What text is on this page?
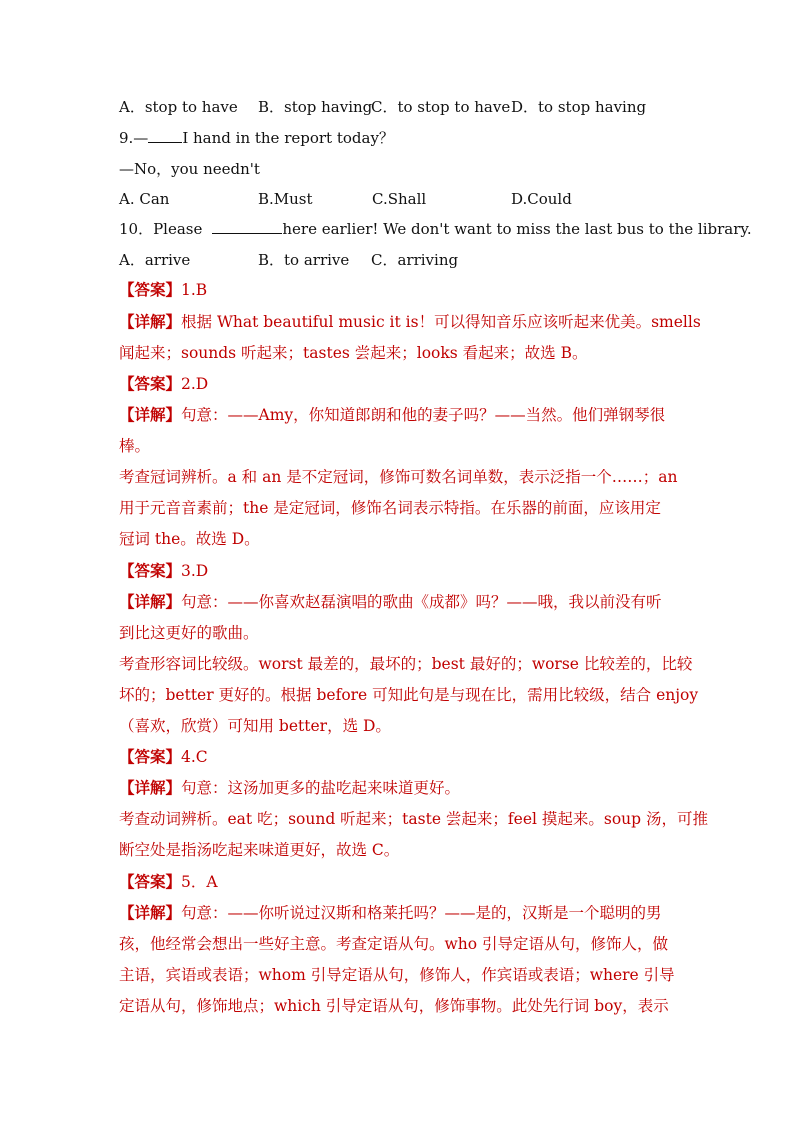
A．stop to have B．stop having
C．to stop to have D．to stop having
9.— I hand in the report today？
—No，you needn't
A. Can	B.Must	C.Shall	D.Could
10．Please	here earlier! We don't want to miss the last bus to the library.
A．arrive	B．to arrive C．arriving
【答案】1.B
【详解】根据 What beautiful music it is！可以得知音乐应该听起来优美。smells
闻起来；sounds 听起来；tastes 尝起来；looks 看起来；故选 B。
【答案】2.D
【详解】句意：——Amy，你知道郎朗和他的妻子吗？——当然。他们弹钢琴很
棒。
考查冠词辨析。a 和 an 是不定冠词，修饰可数名词单数，表示泛指一个……；an
用于元音音素前；the 是定冠词，修饰名词表示特指。在乐器的前面，应该用定
冠词 the。故选 D。
【答案】3.D
【详解】句意：——你喜欢赵磊演唱的歌曲《成都》吗？——哦，我以前没有听
到比这更好的歌曲。
考查形容词比较级。worst 最差的，最坏的；best 最好的；worse 比较差的，比较
坏的；better 更好的。根据 before 可知此句是与现在比，需用比较级，结合 enjoy
（喜欢，欣赏）可知用 better，选 D。
【答案】4.C
【详解】句意：这汤加更多的盐吃起来味道更好。
考查动词辨析。eat 吃；sound 听起来；taste 尝起来；feel 摸起来。soup 汤，可推
断空处是指汤吃起来味道更好，故选 C。
【答案】5．A
【详解】句意：——你听说过汉斯和格莱托吗？——是的，汉斯是一个聪明的男
孩，他经常会想出一些好主意。考查定语从句。who 引导定语从句，修饰人，做
主语，宾语或表语；whom 引导定语从句，修饰人，作宾语或表语；where 引导
定语从句，修饰地点；which 引导定语从句，修饰事物。此处先行词 boy，表示
